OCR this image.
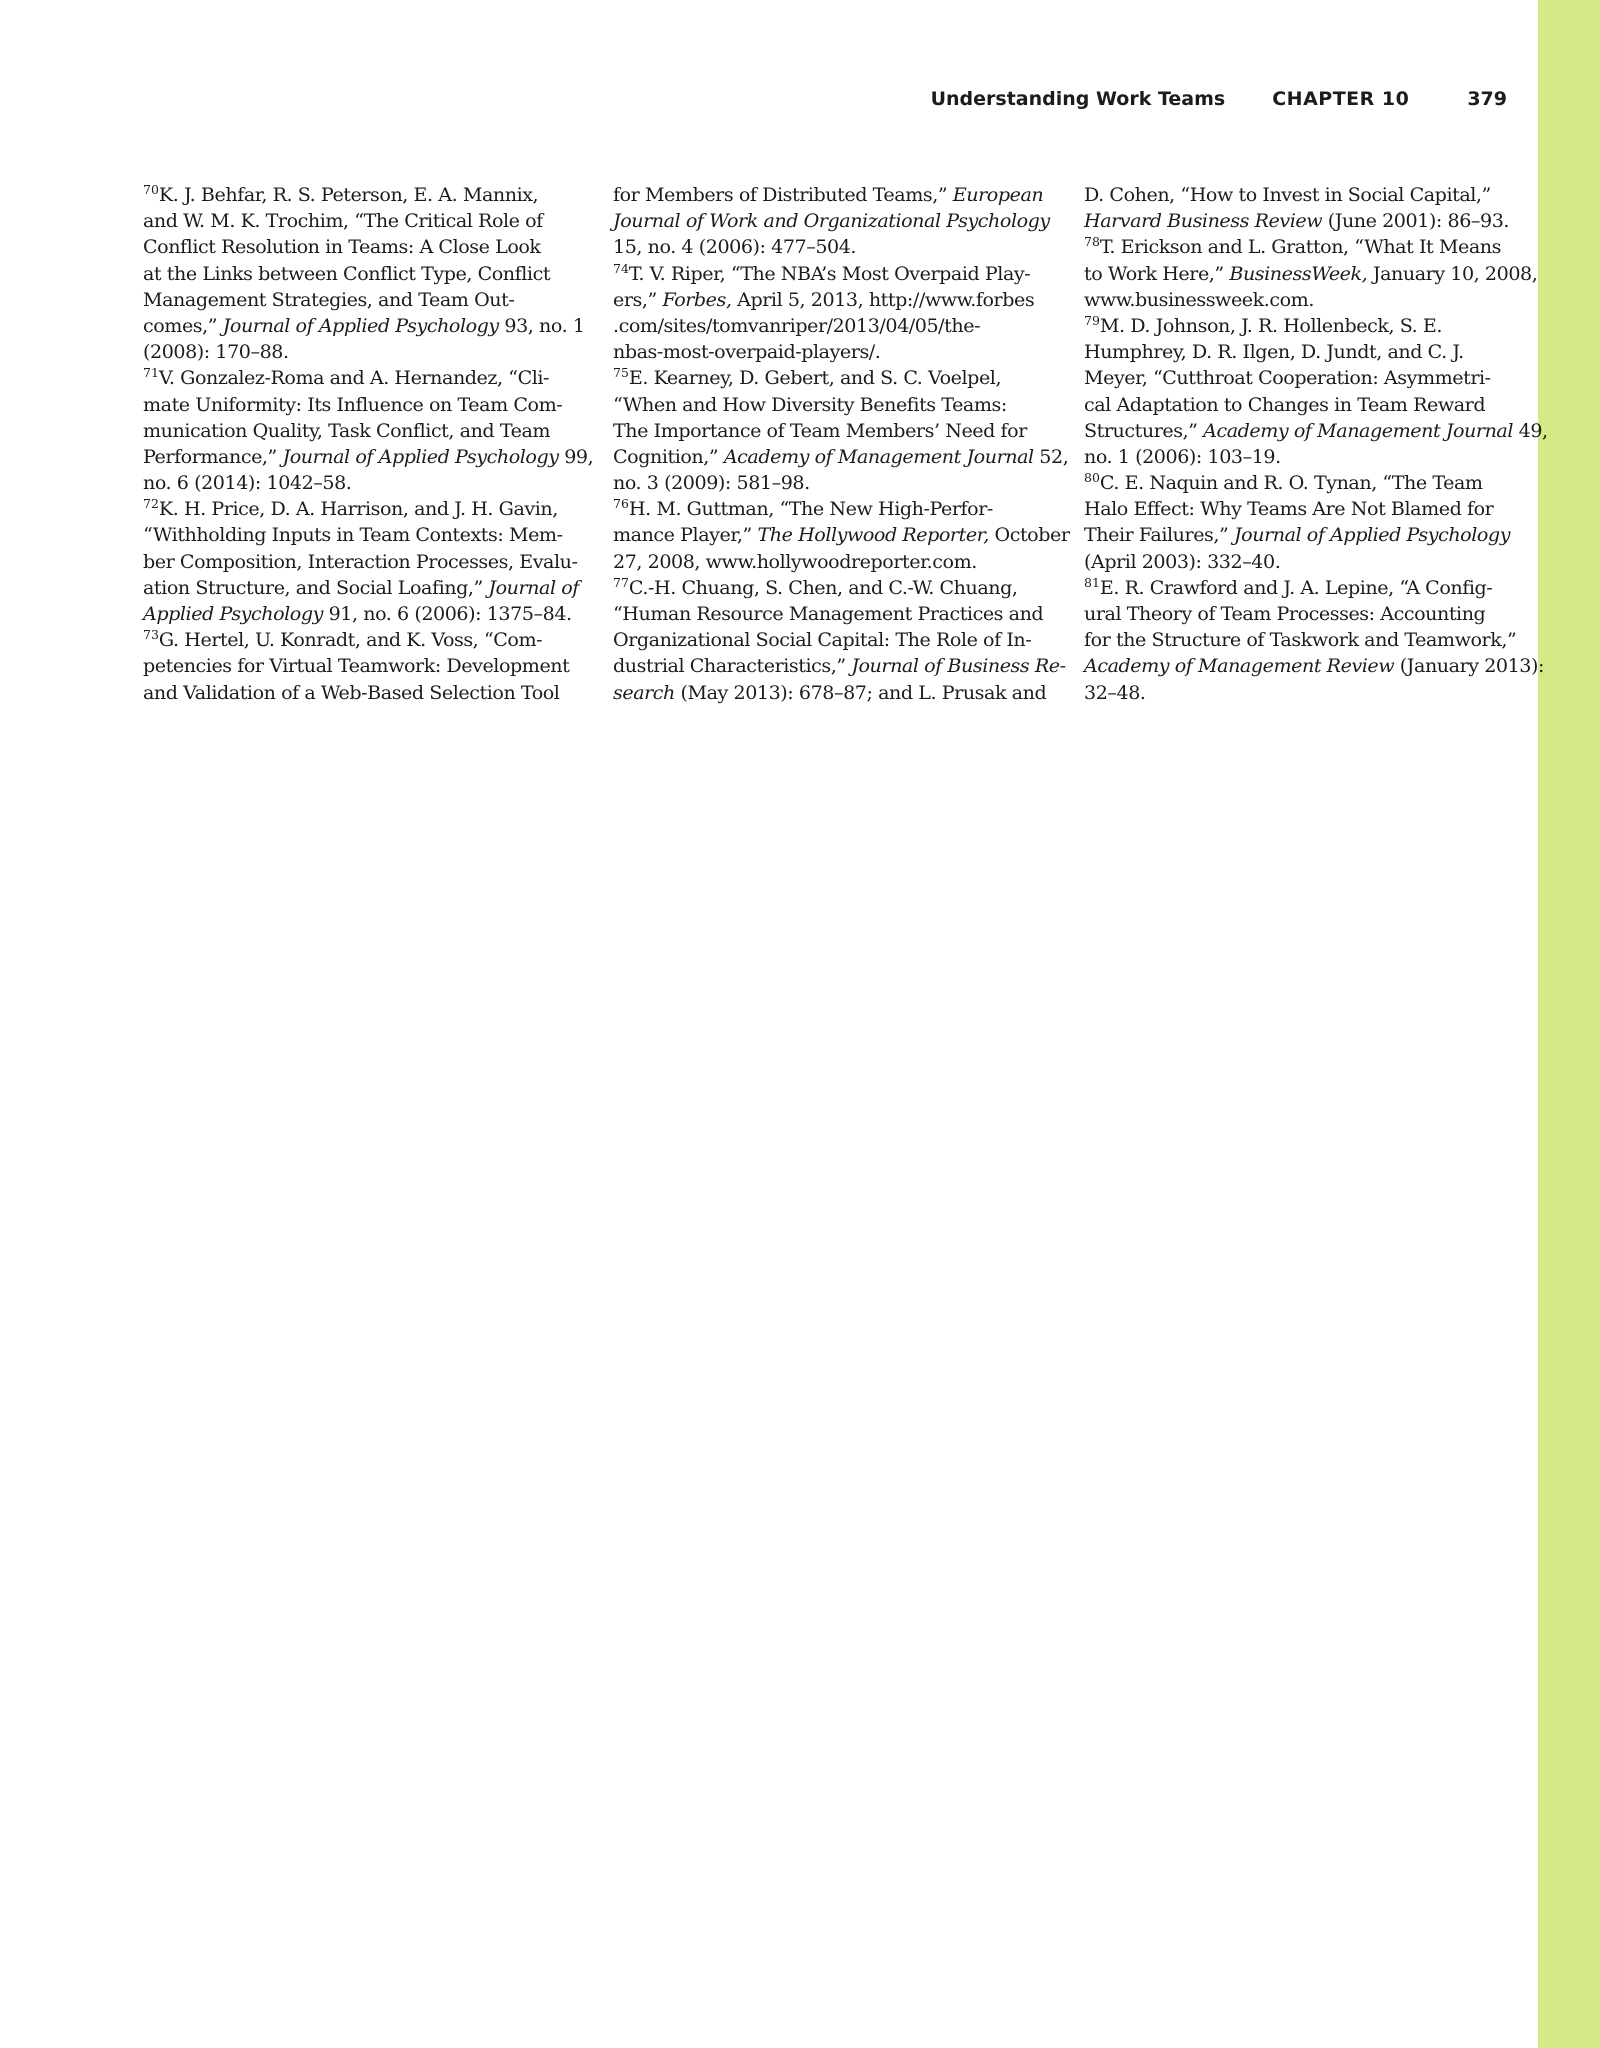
Understanding Work Teams CHAPTER 10	379
$^{70}$K. J. Behfar, R. S. Peterson, E. A. Mannix,
and W. M. K. Trochim, “The Critical Role of
Conflict Resolution in Teams: A Close Look
at the Links between Conflict Type, Conflict
Management Strategies, and Team Out-
comes,” Journal of Applied Psychology 93, no. 1
(2008): 170–88.
$^{71}$V. Gonzalez-Roma and A. Hernandez, “Cli-
mate Uniformity: Its Influence on Team Com-
munication Quality, Task Conflict, and Team
Performance,” Journal of Applied Psychology 99,
no. 6 (2014): 1042–58.
$^{72}$K. H. Price, D. A. Harrison, and J. H. Gavin,
“Withholding Inputs in Team Contexts: Mem-
ber Composition, Interaction Processes, Evalu-
ation Structure, and Social Loafing,” Journal of
Applied Psychology 91, no. 6 (2006): 1375–84.
$^{73}$G. Hertel, U. Konradt, and K. Voss, “Com-
petencies for Virtual Teamwork: Development
and Validation of a Web-Based Selection Tool
for Members of Distributed Teams,” European
Journal of Work and Organizational Psychology
15, no. 4 (2006): 477–504.
$^{74}$T. V. Riper, “The NBA’s Most Overpaid Play-
ers,” Forbes, April 5, 2013, http://www.forbes
.com/sites/tomvanriper/2013/04/05/the-
nbas-most-overpaid-players/.
$^{75}$E. Kearney, D. Gebert, and S. C. Voelpel,
“When and How Diversity Benefits Teams:
The Importance of Team Members’ Need for
Cognition,” Academy of Management Journal 52,
no. 3 (2009): 581–98.
$^{76}$H. M. Guttman, “The New High-Perfor-
mance Player,” The Hollywood Reporter, October
27, 2008, www.hollywoodreporter.com.
$^{77}$C.-H. Chuang, S. Chen, and C.-W. Chuang,
“Human Resource Management Practices and
Organizational Social Capital: The Role of In-
dustrial Characteristics,” Journal of Business Re-
search (May 2013): 678–87; and L. Prusak and
D. Cohen, “How to Invest in Social Capital,”
Harvard Business Review (June 2001): 86–93.
$^{78}$T. Erickson and L. Gratton, “What It Means
to Work Here,” BusinessWeek, January 10, 2008,
www.businessweek.com.
$^{79}$M. D. Johnson, J. R. Hollenbeck, S. E.
Humphrey, D. R. Ilgen, D. Jundt, and C. J.
Meyer, “Cutthroat Cooperation: Asymmetri-
cal Adaptation to Changes in Team Reward
Structures,” Academy of Management Journal 49,
no. 1 (2006): 103–19.
$^{80}$C. E. Naquin and R. O. Tynan, “The Team
Halo Effect: Why Teams Are Not Blamed for
Their Failures,” Journal of Applied Psychology
(April 2003): 332–40.
$^{81}$E. R. Crawford and J. A. Lepine, “A Config-
ural Theory of Team Processes: Accounting
for the Structure of Taskwork and Teamwork,”
Academy of Management Review (January 2013):
32–48.
